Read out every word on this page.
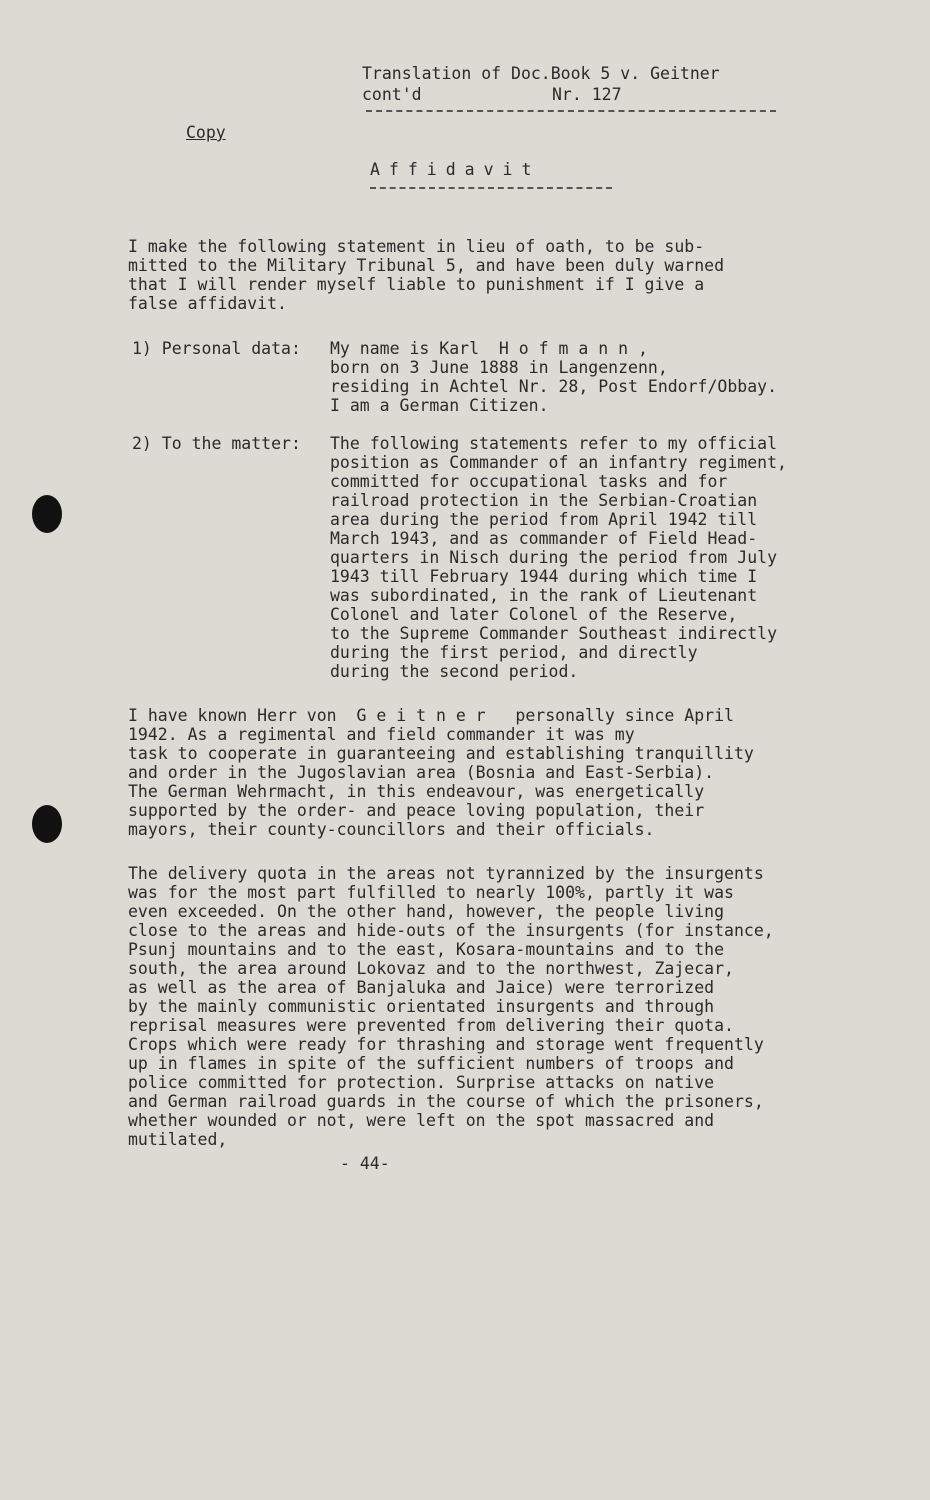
Translation of Doc.Book 5 v. Geitner
cont'd	Nr. 127
Copy
Affidavit
I make the following statement in lieu of oath, to be sub-
mitted to the Military Tribunal 5, and have been duly warned
that I will render myself liable to punishment if I give a
false affidavit.
1) Personal data: My name is Karl  H o f m a n n ,
born on 3 June 1888 in Langenzenn,
residing in Achtel Nr. 28, Post Endorf/Obbay.
I am a German Citizen.
2) To the matter: The following statements refer to my official
position as Commander of an infantry regiment,
committed for occupational tasks and for
railroad protection in the Serbian-Croatian
area during the period from April 1942 till
March 1943, and as commander of Field Head-
quarters in Nisch during the period from July
1943 till February 1944 during which time I
was subordinated, in the rank of Lieutenant
Colonel and later Colonel of the Reserve,
to the Supreme Commander Southeast indirectly
during the first period, and directly
during the second period.
I have known Herr von  G e i t n e r   personally since April
1942. As a regimental and field commander it was my
task to cooperate in guaranteeing and establishing tranquillity
and order in the Jugoslavian area (Bosnia and East-Serbia).
The German Wehrmacht, in this endeavour, was energetically
supported by the order- and peace loving population, their
mayors, their county-councillors and their officials.
The delivery quota in the areas not tyrannized by the insurgents
was for the most part fulfilled to nearly 100%, partly it was
even exceeded. On the other hand, however, the people living
close to the areas and hide-outs of the insurgents (for instance,
Psunj mountains and to the east, Kosara-mountains and to the
south, the area around Lokovaz and to the northwest, Zajecar,
as well as the area of Banjaluka and Jaice) were terrorized
by the mainly communistic orientated insurgents and through
reprisal measures were prevented from delivering their quota.
Crops which were ready for thrashing and storage went frequently
up in flames in spite of the sufficient numbers of troops and
police committed for protection. Surprise attacks on native
and German railroad guards in the course of which the prisoners,
whether wounded or not, were left on the spot massacred and
mutilated,
- 44-
